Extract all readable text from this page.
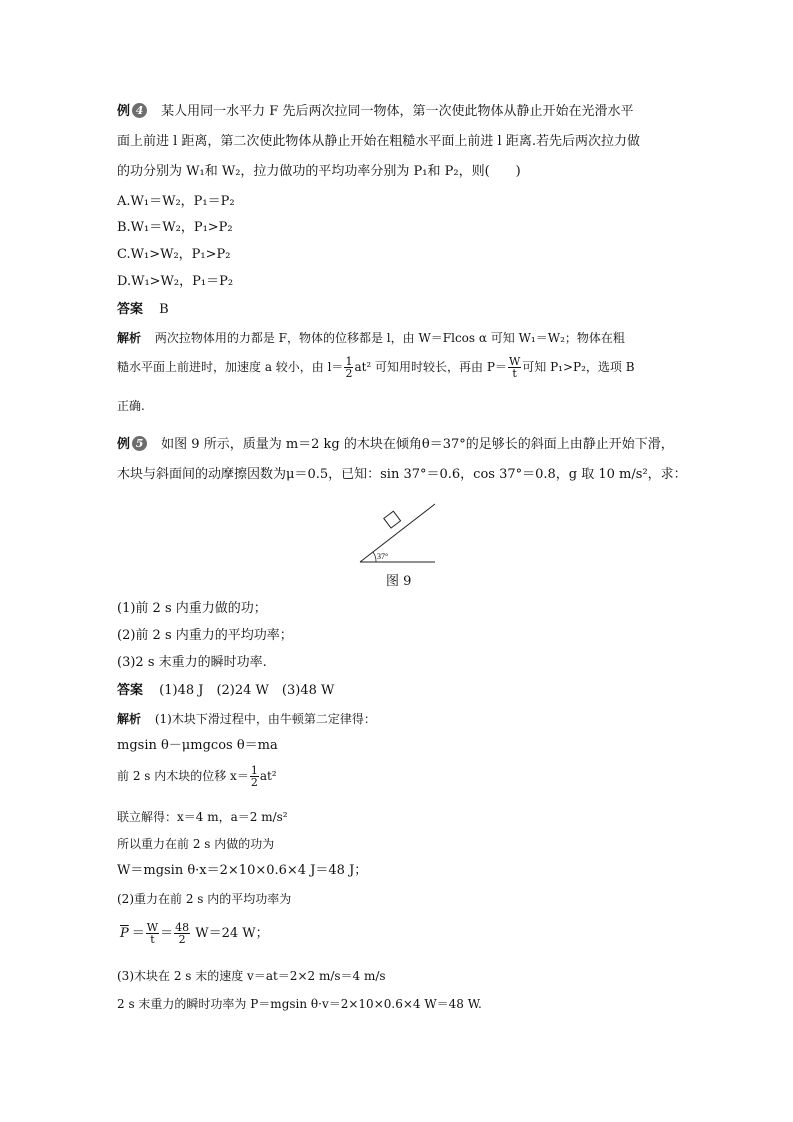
例 4 某人用同一水平力 F 先后两次拉同一物体，第一次使此物体从静止开始在光滑水平
面上前进 l 距离，第二次使此物体从静止开始在粗糙水平面上前进 l 距离.若先后两次拉力做
的功分别为 W₁和 W₂，拉力做功的平均功率分别为 P₁和 P₂，则(　　)
A.W₁＝W₂，P₁＝P₂
B.W₁＝W₂，P₁>P₂
C.W₁>W₂，P₁>P₂
D.W₁>W₂，P₁＝P₂
答案 B
解析 两次拉物体用的力都是 F，物体的位移都是 l，由 W＝Flcos α 可知 W₁＝W₂；物体在粗
糙水平面上前进时，加速度 a 较小，由 $l= \frac{1}{2} at^2$ 可知用时较长，再由 $P= \frac{W}{t}$ 可知 P₁>P₂，选项 B
正确.
例 5 如图 9 所示，质量为 m＝2 kg 的木块在倾角θ＝37°的足够长的斜面上由静止开始下滑，
木块与斜面间的动摩擦因数为μ＝0.5，已知：sin 37°＝0.6，cos 37°＝0.8，g 取 10 m/s²，求：
37°
图 9
(1)前 2 s 内重力做的功；
(2)前 2 s 内重力的平均功率；
(3)2 s 末重力的瞬时功率.
答案 (1)48 J　(2)24 W　(3)48 W
解析 (1)木块下滑过程中，由牛顿第二定律得：
mgsin θ－μmgcos θ＝ma
前 2 s 内木块的位移 $x= \frac{1}{2} at^2$
联立解得：x＝4 m，a＝2 m/s²
所以重力在前 2 s 内做的功为
W＝mgsin θ·x＝2×10×0.6×4 J＝48 J；
(2)重力在前 2 s 内的平均功率为
$\overline{P} = \frac{W}{t} = \frac{48}{2} W=24$ W；
(3)木块在 2 s 末的速度 v＝at＝2×2 m/s＝4 m/s
2 s 末重力的瞬时功率为 P＝mgsin θ·v＝2×10×0.6×4 W＝48 W.
